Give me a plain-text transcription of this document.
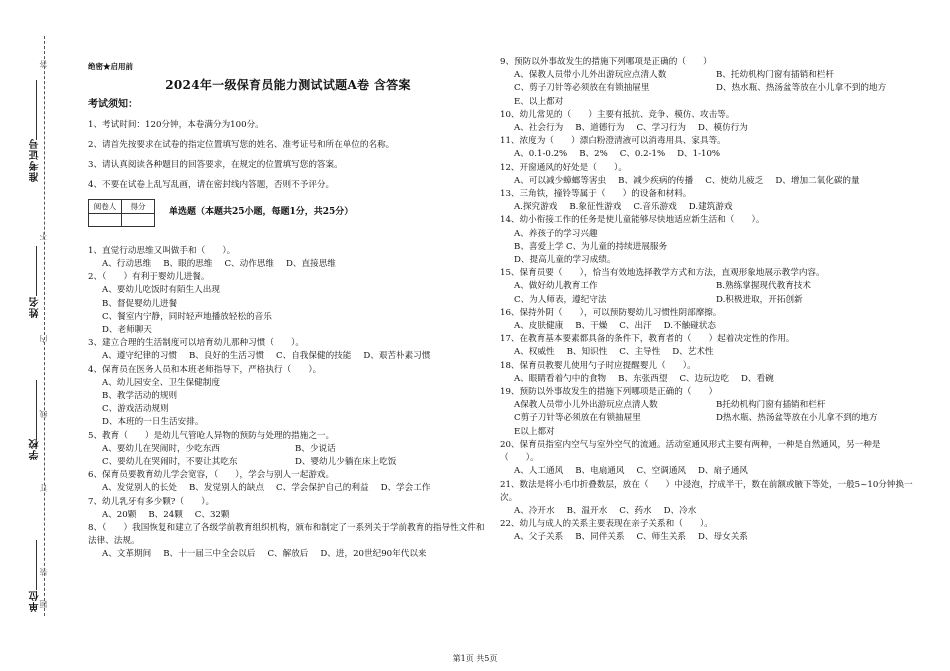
准考证号
姓名
学校
单位
答
不
内
线
订
装
题
绝密★启用前
2024年一级保育员能力测试试题A卷 含答案
考试须知：

1、考试时间：120分钟，本卷满分为100分。

2、请首先按要求在试卷的指定位置填写您的姓名、准考证号和所在单位的名称。

3、请认真阅读各种题目的回答要求，在规定的位置填写您的答案。

4、不要在试卷上乱写乱画，请在密封线内答题，否则不予评分。

阅卷人	得分

单选题（本题共25小题，每题1分，共25分）
1、直觉行动思维又叫做手和（　　）。
A、行动思维 B、眼的思维 C、动作思维 D、直接思维
2、（　　）有利于婴幼儿进餐。
A、要幼儿吃饭时有陌生人出现
B、督促婴幼儿进餐
C、餐室内宁静，同时轻声地播放轻松的音乐
D、老师聊天
3、建立合理的生活制度可以培育幼儿那种习惯（　　）。
A、遵守纪律的习惯 B、良好的生活习惯 C、自我保健的技能 D、艰苦朴素习惯
4、保育员在医务人员和本班老师指导下，严格执行（　　）。
A、幼儿园安全、卫生保健制度
B、教学活动的规则
C、游戏活动规则
D、本班的一日生活安排。
5、教育（　　）是幼儿气管呛人异物的预防与处理的措施之一。
A、要幼儿在哭闹时，少吃东西	B、少说话
C、要幼儿在哭闹时，不要让其吃东	D、婴幼儿少躺在床上吃饭
6、保育员要教育幼儿学会宽容，（　　），学会与别人一起游戏。
A、发觉别人的长处 B、发觉别人的缺点 C、学会保护自己的利益 D、学会工作
7、幼儿乳牙有多少颗?（　　）。
A、20颗 B、24颗 C、32颗
8、（　　）我国恢复和建立了各级学前教育组织机构，颁布和制定了一系列关于学前教育的指导性文件和法律、法规。
A、文革期间 B、十一届三中全会以后 C、解放后 D、进，20世纪90年代以来
9、预防以外事故发生的措施下列哪项是正确的（　　）
A、保教人员带小儿外出游玩应点清人数	B、托幼机构门窗有插销和栏杆
C、剪子刀针等必须放在有锁抽屉里	D、热水瓶、热汤盆等放在小儿拿不到的地方
E、以上都对
10、幼儿常见的（　　）主要有抵抗、竞争、模仿、攻击等。
A、社会行为 B、道德行为 C、学习行为 D、模仿行为
11、浓度为（　　）漂白粉澄清液可以消毒用具、家具等。
A、0.1-0.2% B、2% C、0.2-1% D、1-10%
12、开窗通风的好处是（　　）。
A、可以减少蟑螂等害虫 B、减少疾病的传播 C、使幼儿疲乏 D、增加二氧化碳的量
13、三角铁，撞铃等属于（　　）的设备和材料。
A.探究游戏 B.象征性游戏 C.音乐游戏 D.建筑游戏
14、幼小衔接工作的任务是使儿童能够尽快地适应新生活和（　　）。
A、养孩子的学习兴趣
B、喜爱上学 C、为儿童的持续进展服务
D、提高儿童的学习成绩。
15、保育员要（　　），恰当有效地选择教学方式和方法，直观形象地展示教学内容。
A、做好幼儿教育工作	B.熟练掌握现代教育技术
C、为人师表，遵纪守法	D.积极进取，开拓创新
16、保持外阴（　　），可以预防婴幼儿习惯性阴部摩擦。
A、皮肤健康 B、干燥 C、出汗 D.不触碰状态
17、在教育基本要素都具备的条件下，教育者的（　　）起着决定性的作用。
A、权威性 B、知识性 C、主导性 D、艺术性
18、保育员教婴儿使用勺子时应提醒婴儿（　　）。
A、眼睛看着勺中的食物 B、东张西望 C、边玩边吃 D、看碗
19、预防以外事故发生的措施下列哪项是正确的（　　）
A保教人员带小儿外出游玩应点清人数	B托幼机构门窗有插销和栏杆
C剪子刀针等必须放在有锁抽屉里	D热水瓶、热汤盆等放在小儿拿不到的地方
E以上都对
20、保育员指室内空气与室外空气的流通。活动室通风形式主要有两种，一种是自然通风，另一种是（　　）。
A、人工通风 B、电扇通风 C、空调通风 D、扇子通风
21、数法是将小毛巾折叠数层，放在（　　）中浸泡，拧成半干，数在前额或腋下等处，一般5~10分钟换一次。
A、冷开水 B、温开水 C、药水 D、冷水
22、幼儿与成人的关系主要表现在亲子关系和（　　）。
A、父子关系 B、同伴关系 C、师生关系 D、母女关系
第1页 共5页
